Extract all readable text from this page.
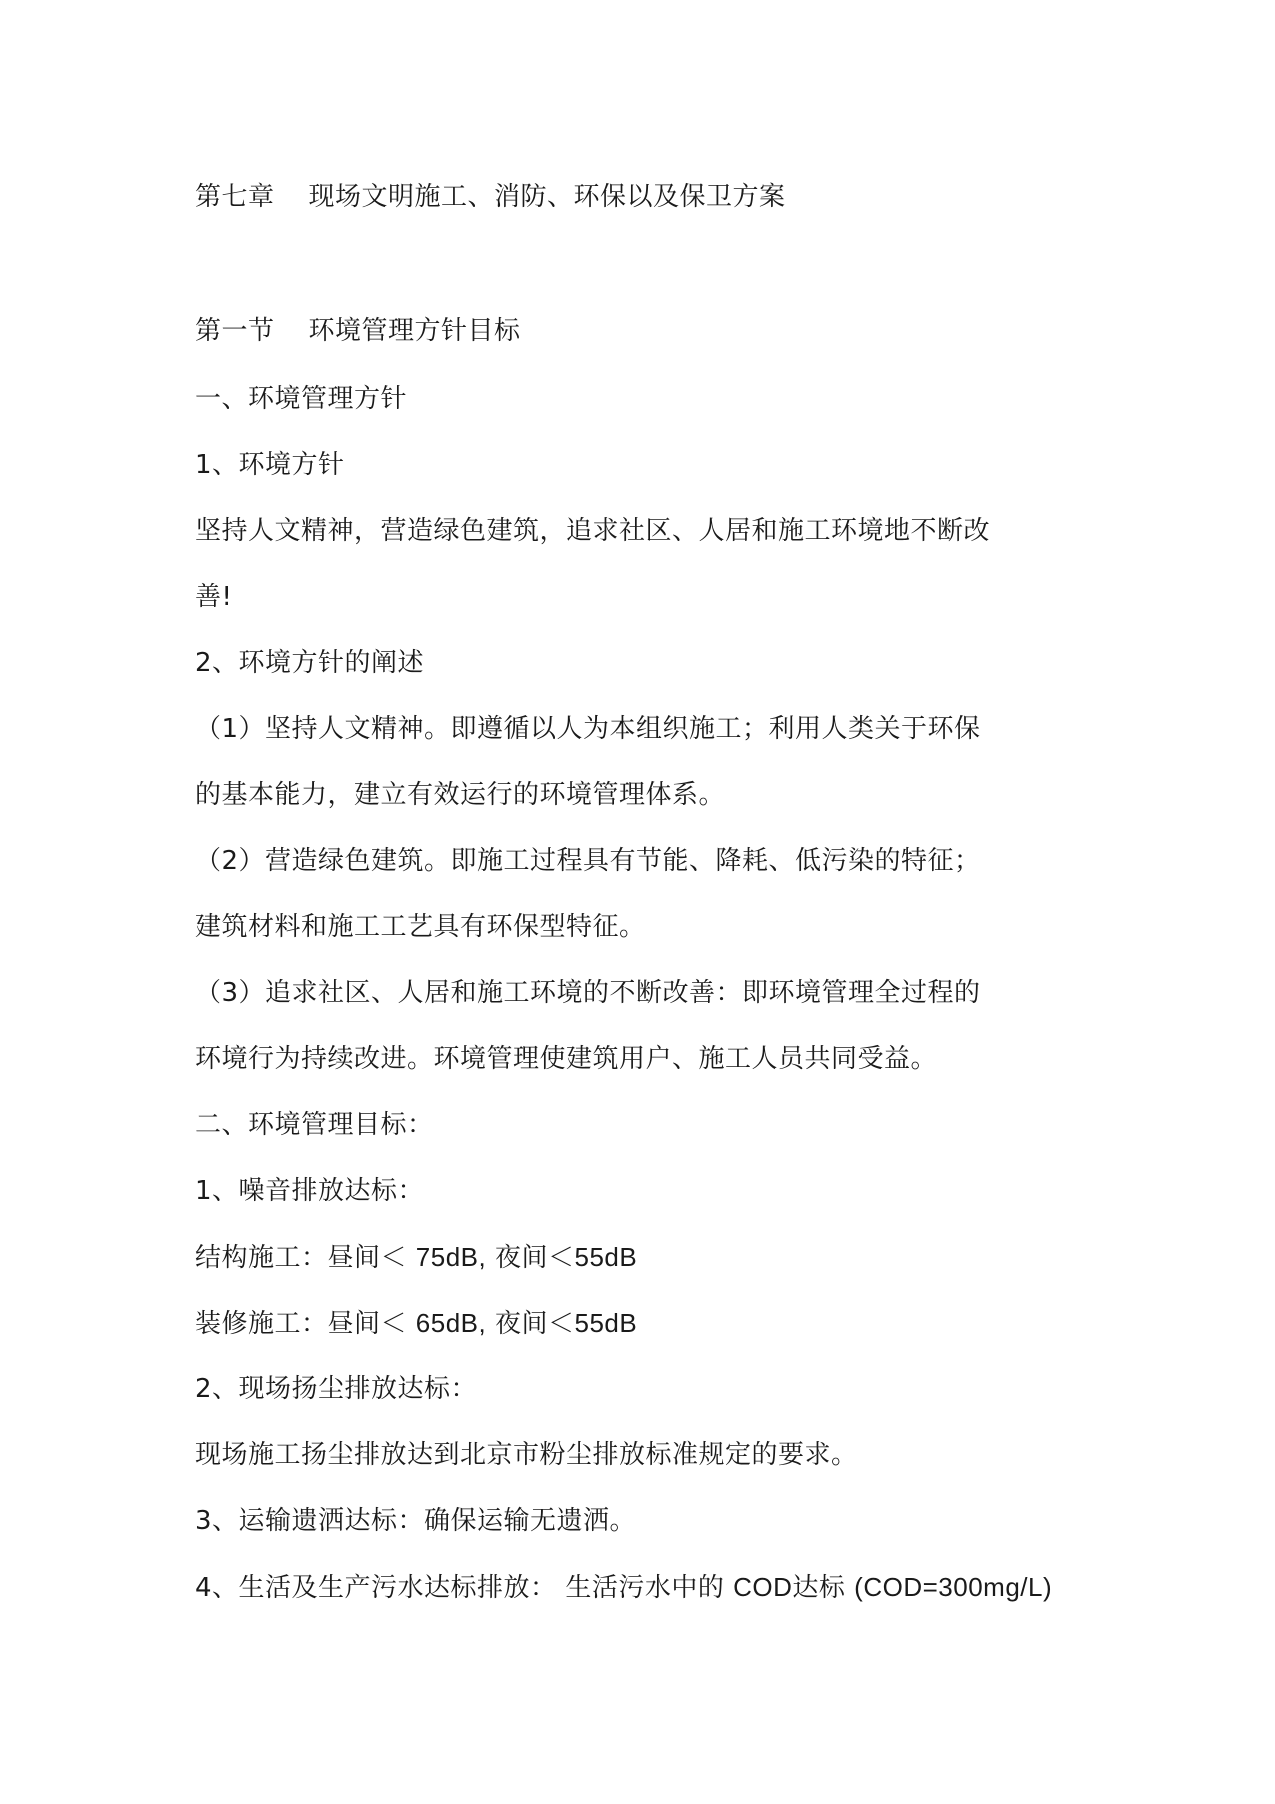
第七章 现场文明施工、消防、环保以及保卫方案
第一节 环境管理方针目标
一、环境管理方针
1、环境方针
坚持人文精神，营造绿色建筑，追求社区、人居和施工环境地不断改
善!
2、环境方针的阐述
（1）坚持人文精神。即遵循以人为本组织施工；利用人类关于环保
的基本能力，建立有效运行的环境管理体系。
（2）营造绿色建筑。即施工过程具有节能、降耗、低污染的特征；
建筑材料和施工工艺具有环保型特征。
（3）追求社区、人居和施工环境的不断改善：即环境管理全过程的
环境行为持续改进。环境管理使建筑用户、施工人员共同受益。
二、环境管理目标：
1、噪音排放达标：
结构施工：昼间＜ 75dB, 夜间＜55dB
装修施工：昼间＜ 65dB, 夜间＜55dB
2、现场扬尘排放达标：
现场施工扬尘排放达到北京市粉尘排放标准规定的要求。
3、运输遗洒达标：确保运输无遗洒。
4、生活及生产污水达标排放： 生活污水中的 COD达标 (COD=300mg/L)
